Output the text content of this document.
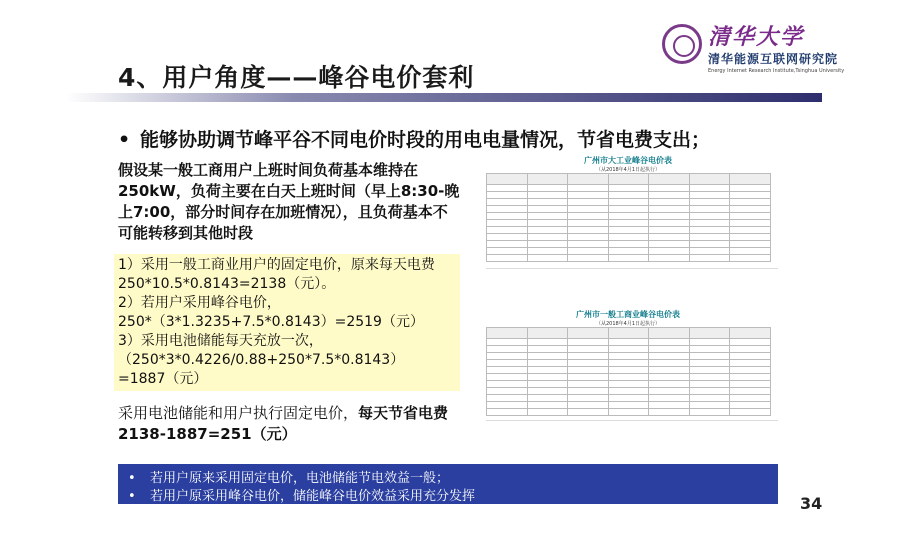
4、用户角度——峰谷电价套利
清华大学
清华能源互联网研究院
Energy Internet Research Institute,Tsinghua University
• 能够协助调节峰平谷不同电价时段的用电电量情况，节省电费支出；

假设某一般工商用户上班时间负荷基本维持在250kW，负荷主要在白天上班时间（早上8:30-晚上7:00，部分时间存在加班情况），且负荷基本不可能转移到其他时段

1）采用一般工商业用户的固定电价，原来每天电费
250*10.5*0.8143=2138（元）。
2）若用户采用峰谷电价，
250*（3*1.3235+7.5*0.8143）=2519（元）
3）采用电池储能每天充放一次，
（250*3*0.4226/0.88+250*7.5*0.8143）
=1887（元）

采用电池储能和用户执行固定电价，每天节省电费2138-1887=251（元）

广州市大工业峰谷电价表
（从2018年4月1日起执行）

广州市一般工商业峰谷电价表
（从2018年4月1日起执行）

• 若用户原来采用固定电价，电池储能节电效益一般；
• 若用户原采用峰谷电价，储能峰谷电价效益采用充分发挥	34
